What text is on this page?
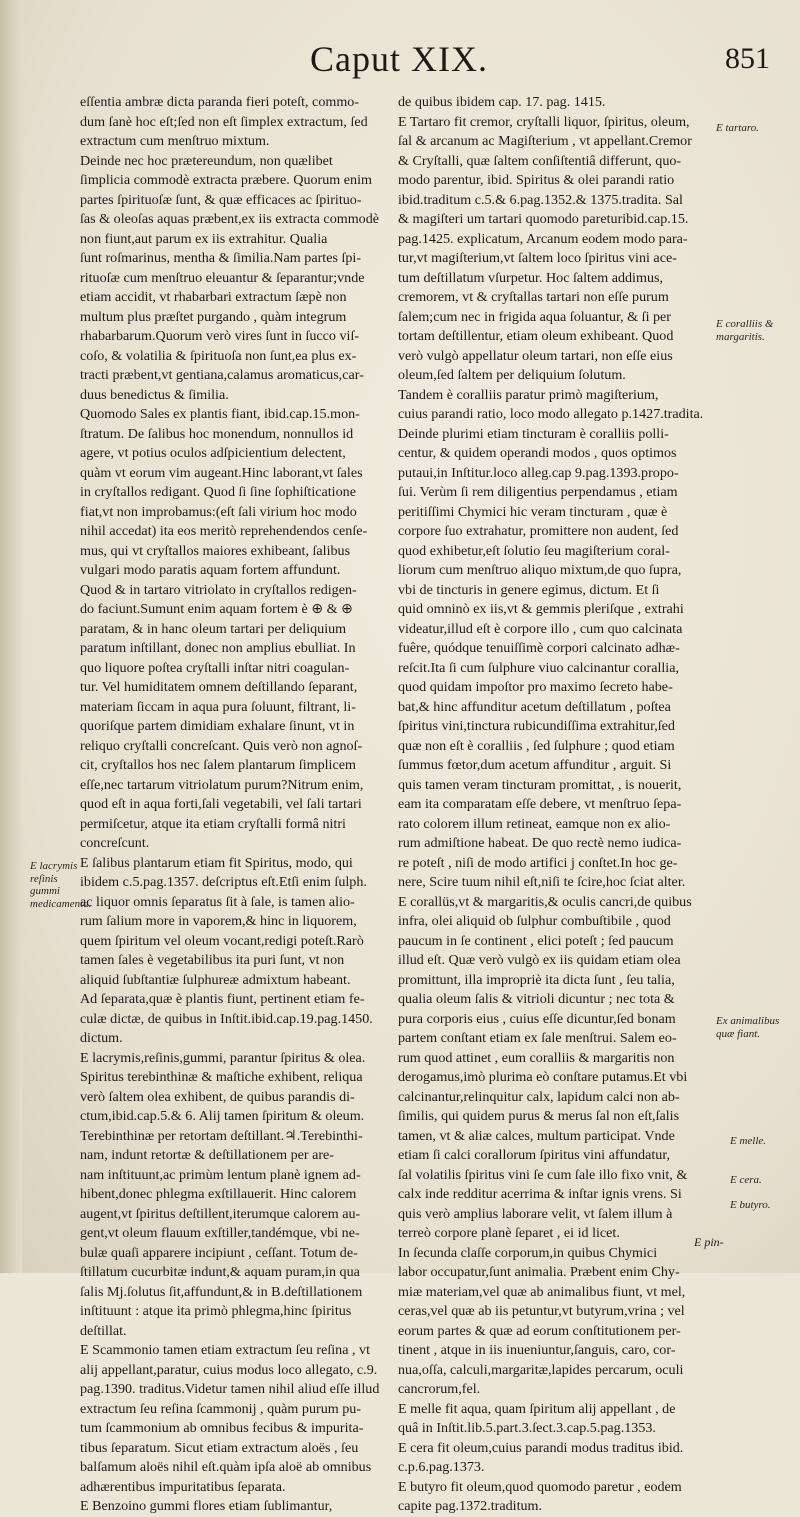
Caput XIX.	851
eſſentia ambræ dicta paranda fieri poteſt, commo-
dum ſanè hoc eſt;ſed non eſt ſimplex extractum, ſed
extractum cum menſtruo mixtum.
Deinde nec hoc prætereundum, non quælibet
ſimplicia commodè extracta præbere. Quorum enim
partes ſpirituoſæ ſunt, & quæ efficaces ac ſpirituo-
ſas & oleoſas aquas præbent,ex iis extracta commodè
non fiunt,aut parum ex iis extrahitur. Qualia
ſunt roſmarinus, mentha & ſimilia.Nam partes ſpi-
rituoſæ cum menſtruo eleuantur & ſeparantur;vnde
etiam accidit, vt rhabarbari extractum ſæpè non
multum plus præſtet purgando , quàm integrum
rhabarbarum.Quorum verò vires ſunt in ſucco viſ-
coſo, & volatilia & ſpirituoſa non ſunt,ea plus ex-
tracti præbent,vt gentiana,calamus aromaticus,car-
duus benedictus & ſimilia.
Quomodo Sales ex plantis fiant, ibid.cap.15.mon-
ſtratum. De ſalibus hoc monendum, nonnullos id
agere, vt potius oculos adſpicientium delectent,
quàm vt eorum vim augeant.Hinc laborant,vt ſales
in cryſtallos redigant. Quod ſi ſine ſophiſticatione
fiat,vt non improbamus:(eſt ſali virium hoc modo
nihil accedat) ita eos meritò reprehendendos cenſe-
mus, qui vt cryſtallos maiores exhibeant, ſalibus
vulgari modo paratis aquam fortem affundunt.
Quod & in tartaro vitriolato in cryſtallos redigen-
do faciunt.Sumunt enim aquam fortem è ⊕ & ⊕
paratam, & in hanc oleum tartari per deliquium
paratum inſtillant, donec non amplius ebulliat. In
quo liquore poſtea cryſtalli inſtar nitri coagulan-
tur. Vel humiditatem omnem deſtillando ſeparant,
materiam ſiccam in aqua pura ſoluunt, filtrant, li-
quoriſque partem dimidiam exhalare ſinunt, vt in
reliquo cryſtalli concreſcant. Quis verò non agnoſ-
cit, cryſtallos hos nec ſalem plantarum ſimplicem
eſſe,nec tartarum vitriolatum purum?Nitrum enim,
quod eſt in aqua forti,ſali vegetabili, vel ſali tartari
permiſcetur, atque ita etiam cryſtalli formâ nitri
concreſcunt.
E ſalibus plantarum etiam fit Spiritus, modo, qui
ibidem c.5.pag.1357. deſcriptus eſt.Etſi enim ſulph.
ac liquor omnis ſeparatus ſit à ſale, is tamen alio-
rum ſalium more in vaporem,& hinc in liquorem,
quem ſpiritum vel oleum vocant,redigi poteſt.Rarò
tamen ſales è vegetabilibus ita puri ſunt, vt non
aliquid ſubſtantiæ ſulphureæ admixtum habeant.
Ad ſeparata,quæ è plantis fiunt, pertinent etiam fe-
culæ dictæ, de quibus in Inſtit.ibid.cap.19.pag.1450.
dictum.
E lacrymis,reſinis,gummi, parantur ſpiritus & olea.
Spiritus terebinthinæ & maſtiche exhibent, reliqua
verò ſaltem olea exhibent, de quibus parandis di-
ctum,ibid.cap.5.& 6. Alij tamen ſpiritum & oleum.
Terebinthinæ per retortam deſtillant.♃.Terebinthi-
nam, indunt retortæ & deſtillationem per are-
nam inſtituunt,ac primùm lentum planè ignem ad-
hibent,donec phlegma exſtillauerit. Hinc calorem
augent,vt ſpiritus deſtillent,iterumque calorem au-
gent,vt oleum flauum exſtiller,tandémque, vbi ne-
bulæ quaſi apparere incipiunt , ceſſant. Totum de-
ſtillatum cucurbitæ indunt,& aquam puram,in qua
ſalis Mj.ſolutus ſit,affundunt,& in B.deſtillationem
inſtituunt : atque ita primò phlegma,hinc ſpiritus
deſtillat.
E Scammonio tamen etiam extractum ſeu reſina , vt
alij appellant,paratur, cuius modus loco allegato, c.9.
pag.1390. traditus.Videtur tamen nihil aliud eſſe illud
extractum ſeu reſina ſcammonij , quàm purum pu-
tum ſcammonium ab omnibus fecibus & impurita-
tibus ſeparatum. Sicut etiam extractum aloës , ſeu
balſamum aloës nihil eſt.quàm ipſa aloë ab omnibus
adhærentibus impuritatibus ſeparata.
E Benzoino gummi flores etiam ſublimantur,
de quibus ibidem cap. 17. pag. 1415.
E Tartaro fit cremor, cryſtalli liquor, ſpiritus, oleum,
ſal & arcanum ac Magiſterium , vt appellant.Cremor
& Cryſtalli, quæ ſaltem conſiſtentiâ differunt, quo-
modo parentur, ibid. Spiritus & olei parandi ratio
ibid.traditum c.5.& 6.pag.1352.& 1375.tradita. Sal
& magiſteri um tartari quomodo pareturibid.cap.15.
pag.1425. explicatum, Arcanum eodem modo para-
tur,vt magiſterium,vt ſaltem loco ſpiritus vini ace-
tum deſtillatum vſurpetur. Hoc ſaltem addimus,
cremorem, vt & cryſtallas tartari non eſſe purum
ſalem;cum nec in frigida aqua ſoluantur, & ſi per
tortam deſtillentur, etiam oleum exhibeant. Quod
verò vulgò appellatur oleum tartari, non eſſe eius
oleum,ſed ſaltem per deliquium ſolutum.
Tandem è coralliis paratur primò magiſterium,
cuius parandi ratio, loco modo allegato p.1427.tradita.
Deinde plurimi etiam tincturam è coralliis polli-
centur, & quidem operandi modos , quos optimos
putaui,in Inſtitur.loco alleg.cap 9.pag.1393.propo-
ſui. Verùm ſi rem diligentius perpendamus , etiam
peritiſſimi Chymici hic veram tincturam , quæ è
corpore ſuo extrahatur, promittere non audent, ſed
quod exhibetur,eſt ſolutio ſeu magiſterium coral-
liorum cum menſtruo aliquo mixtum,de quo ſupra,
vbi de tincturis in genere egimus, dictum. Et ſi
quid omninò ex iis,vt & gemmis pleriſque , extrahi
videatur,illud eſt è corpore illo , cum quo calcinata
fuêre, quódque tenuiſſimè corpori calcinato adhæ-
reſcit.Ita ſi cum ſulphure viuo calcinantur corallia,
quod quidam impoſtor pro maximo ſecreto habe-
bat,& hinc affunditur acetum deſtillatum , poſtea
ſpiritus vini,tinctura rubicundiſſima extrahitur,ſed
quæ non eſt è coralliis , ſed ſulphure ; quod etiam
ſummus fœtor,dum acetum affunditur , arguit. Si
quis tamen veram tincturam promittat, , is nouerit,
eam ita comparatam eſſe debere, vt menſtruo ſepa-
rato colorem illum retineat, eamque non ex alio-
rum admiſtione habeat. De quo rectè nemo iudica-
re poteſt , niſi de modo artifici j conſtet.In hoc ge-
nere, Scire tuum nihil eſt,niſi te ſcire,hoc ſciat alter.
E corallüs,vt & margaritis,& oculis cancri,de quibus
infra, olei aliquid ob ſulphur combuſtibile , quod
paucum in ſe continent , elici poteſt ; ſed paucum
illud eſt. Quæ verò vulgò ex iis quidam etiam olea
promittunt, illa impropriè ita dicta ſunt , ſeu talia,
qualia oleum ſalis & vitrioli dicuntur ; nec tota &
pura corporis eius , cuius eſſe dicuntur,ſed bonam
partem conſtant etiam ex ſale menſtrui. Salem eo-
rum quod attinet , eum coralliis & margaritis non
derogamus,imò plurima eò conſtare putamus.Et vbi
calcinantur,relinquitur calx, lapidum calci non ab-
ſimilis, qui quidem purus & merus ſal non eſt,ſalis
tamen, vt & aliæ calces, multum participat. Vnde
etiam ſi calci corallorum ſpiritus vini affundatur,
ſal volatilis ſpiritus vini ſe cum ſale illo fixo vnit, &
calx inde redditur acerrima & inſtar ignis vrens. Si
quis verò amplius laborare velit, vt ſalem illum à
terreò corpore planè ſeparet , ei id licet.
In ſecunda claſſe corporum,in quibus Chymici
labor occupatur,ſunt animalia. Præbent enim Chy-
miæ materiam,vel quæ ab animalibus fiunt, vt mel,
ceras,vel quæ ab iis petuntur,vt butyrum,vrina ; vel
eorum partes & quæ ad eorum conſtitutionem per-
tinent , atque in iis inueniuntur,ſanguis, caro, cor-
nua,oſſa, calculi,margaritæ,lapides percarum, oculi
cancrorum,fel.
E melle fit aqua, quam ſpiritum alij appellant , de
quâ in Inſtit.lib.5.part.3.ſect.3.cap.5.pag.1353.
E cera fit oleum,cuius parandi modus traditus ibid.
c.p.6.pag.1373.
E butyro fit oleum,quod quomodo paretur , eodem
capite pag.1372.traditum.
E tartaro.
E coralliis & margaritis.
E lacrymis reſinis gummi medicamenta.
Ex animalibus quæ fiant.
E melle.
E cera.
E butyro.
E pin-
